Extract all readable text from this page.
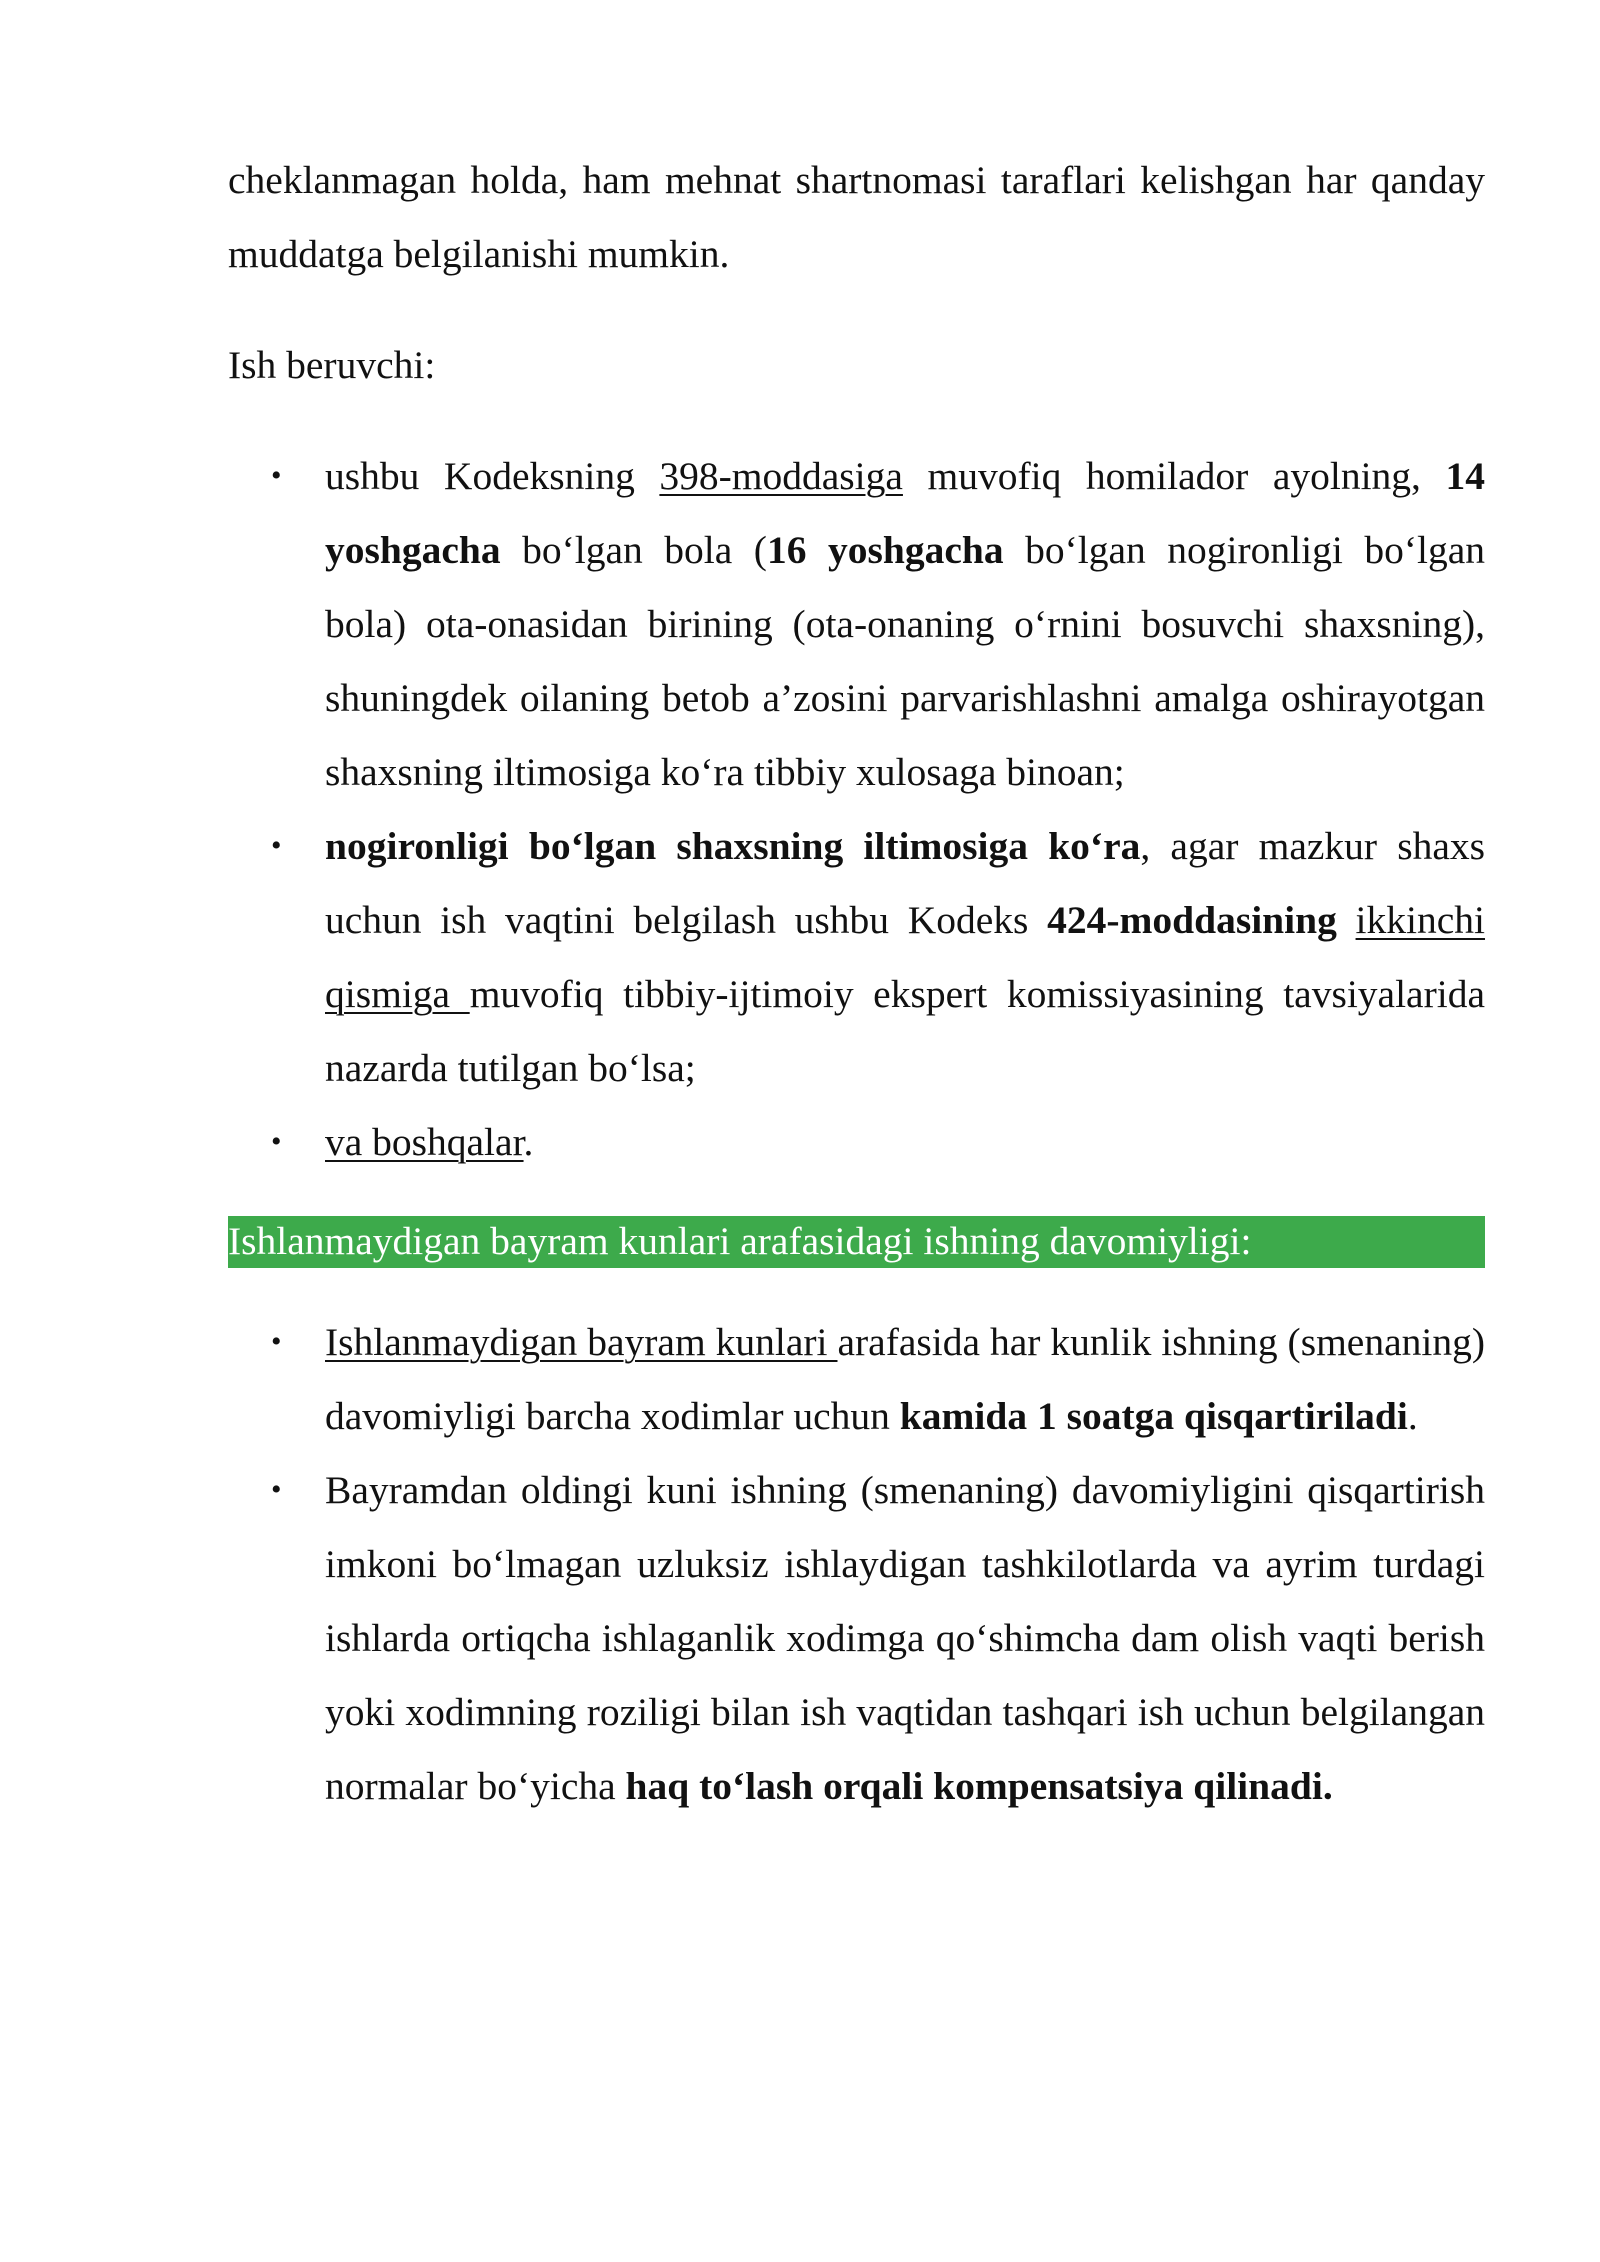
cheklanmagan holda, ham mehnat shartnomasi taraflari kelishgan har qanday muddatga belgilanishi mumkin.

Ish beruvchi:

• ushbu Kodeksning 398-moddasiga muvofiq homilador ayolning, 14 yoshgacha bo‘lgan bola (16 yoshgacha bo‘lgan nogironligi bo‘lgan bola) ota-onasidan birining (ota-onaning o‘rnini bosuvchi shaxsning), shuningdek oilaning betob a’zosini parvarishlashni amalga oshirayotgan shaxsning iltimosiga ko‘ra tibbiy xulosaga binoan;
• nogironligi bo‘lgan shaxsning iltimosiga ko‘ra, agar mazkur shaxs uchun ish vaqtini belgilash ushbu Kodeks 424-moddasining ikkinchi qismiga muvofiq tibbiy-ijtimoiy ekspert komissiyasining tavsiyalarida nazarda tutilgan bo‘lsa;
• va boshqalar.
Ishlanmaydigan bayram kunlari arafasidagi ishning davomiyligi:
• Ishlanmaydigan bayram kunlari arafasida har kunlik ishning (smenaning) davomiyligi barcha xodimlar uchun kamida 1 soatga qisqartiriladi.
• Bayramdan oldingi kuni ishning (smenaning) davomiyligini qisqartirish imkoni bo‘lmagan uzluksiz ishlaydigan tashkilotlarda va ayrim turdagi ishlarda ortiqcha ishlaganlik xodimga qo‘shimcha dam olish vaqti berish yoki xodimning roziligi bilan ish vaqtidan tashqari ish uchun belgilangan normalar bo‘yicha haq to‘lash orqali kompensatsiya qilinadi.
